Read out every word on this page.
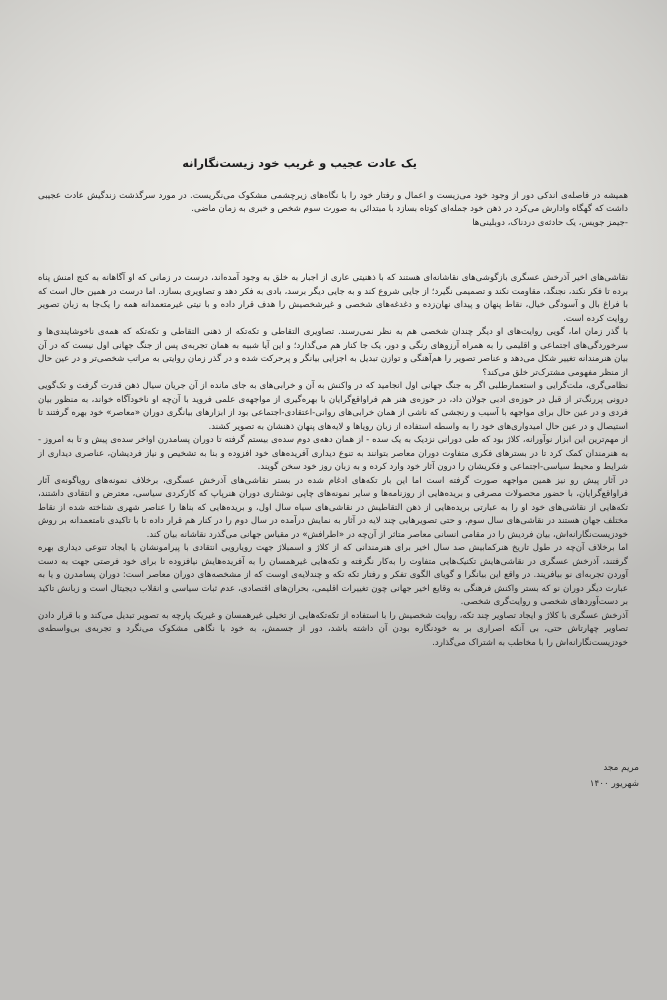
یک عادت عجیب و غریب خود زیست‌نگارانه

همیشه در فاصله‌ی اندکی دور از وجود خود می‌زیست و اعمال و رفتار خود را با نگاه‌های زیرچشمی مشکوک می‌نگریست. در مورد سرگذشت زندگیش عادت عجیبی داشت که گهگاه وادارش می‌کرد در ذهن خود جمله‌ای کوتاه بسازد با مبتدائی به صورت سوم شخص و خبری به زمان ماضی.

-جیمز جویس، یک حادثه‌ی دردناک، دوبلینی‌ها

نقاشی‌های اخیر آذرخش عسگری بازگوشی‌های نقاشانه‌ای هستند که با ذهنیتی عاری از اجبار به خلق به وجود آمده‌اند، درست در زمانی که او آگاهانه به کنج امنش پناه برده تا فکر نکند، نجنگد، مقاومت نکند و تصمیمی نگیرد؛ از جایی شروع کند و به جایی دیگر برسد، بادی به فکر دهد و تصاویری بسازد. اما درست در همین حال است که با فراغ بال و آسودگی خیال، نقاط پنهان و پیدای نهان‌زده و دغدغه‌های شخصی و غیرشخصیش را هدف قرار داده و با نیتی غیرمتعمدانه همه را یک‌جا به زبان تصویر روایت کرده است.

با گذر زمان اما، گویی روایت‌های او دیگر چندان شخصی هم به نظر نمی‌رسند. تصاویری التقاطی و تکه‌تکه از ذهنی التقاطی و تکه‌تکه که همه‌ی ناخوشایندی‌ها و سرخوردگی‌های اجتماعی و اقلیمی را به همراه آرزوهای رنگی و دور، یک جا کنار هم می‌گذارد؛ و این آیا شبیه به همان تجربه‌ی پس از جنگ جهانی اول نیست که در آن بیان هنرمندانه تغییر شکل می‌دهد و عناصر تصویر را هم‌آهنگی و توازن تبدیل به اجزایی بیانگر و پرحرکت شده و در گذر زمان روایتی به مراتب شخصی‌تر و در عین حال از منظر مفهومی مشترک‌تر خلق می‌کند؟

نظامی‌گری، ملت‌گرایی و استعمارطلبی اگر به جنگ جهانی اول انجامید که در واکنش به آن و خرابی‌های به جای مانده از آن جریان سیال ذهن قدرت گرفت و تک‌گویی درونی پررنگ‌تر از قبل در حوزه‌ی ادبی جولان داد، در حوزه‌ی هنر هم فراواقع‌گرایان با بهره‌گیری از مواجهه‌ی علمی فروید با آن‌چه او ناخودآگاه خواند، به منظور بیان فردی و در عین حال برای مواجهه با آسیب و رنجشی که ناشی از همان خرابی‌های روانی-اعتقادی-اجتماعی بود از ابزارهای بیانگری دوران «معاصر» خود بهره گرفتند تا استیصال و در عین حال امیدواری‌های خود را به واسطه استفاده از زبان رویاها و لایه‌های پنهان ذهنشان به تصویر کشند.

از مهم‌ترین این ابزار نوآورانه، کلاژ بود که طی دورانی نزدیک به یک سده - از همان دهه‌ی دوم سده‌ی بیستم گرفته تا دوران پسامدرن اواخر سده‌ی پیش و تا به امروز - به هنرمندان کمک کرد تا در بسترهای فکری متفاوت دوران معاصر بتوانند به تنوع دیداری آفریده‌های خود افزوده و بنا به تشخیص و نیاز فردیشان، عناصری دیداری از شرایط و محیط سیاسی-اجتماعی و فکریشان را درون آثار خود وارد کرده و به زبان روز خود سخن گویند.

در آثار پیش رو نیز همین مواجهه صورت گرفته است اما این بار تکه‌های ادغام شده در بستر نقاشی‌های آذرخش عسگری، برخلاف نمونه‌های رویاگونه‌ی آثار فراواقع‌گرایان، با حضور محصولات مصرفی و بریده‌هایی از روزنامه‌ها و سایر نمونه‌های چاپی نوشتاری دوران هنرپاپ که کارکردی سیاسی، معترض و انتقادی داشتند، تکه‌هایی از نقاشی‌های خود او را به عبارتی بریده‌هایی از ذهن التقاطیش در نقاشی‌های سیاه سال اول، و بریده‌هایی که بناها را عناصر شهری شناخته شده از نقاط مختلف جهان هستند در نقاشی‌های سال سوم، و حتی تصویرهایی چند لایه در آثار به نمایش درآمده در سال دوم را در کنار هم قرار داده تا با تاکیدی نامتعمدانه بر روش خودزیست‌نگارانه‌اش، بیان فردیش را در مقامی انسانی معاصر متاثر از آن‌چه در «اطرافش» در مقیاس جهانی می‌گذرد نقاشانه بیان کند.

اما برخلاف آن‌چه در طول تاریخ هنرکمابیش صد سال اخیر برای هنرمندانی که از کلاژ و اسمبلاژ جهت رویارویی انتقادی با پیرامونشان یا ایجاد تنوعی دیداری بهره گرفتند، آذرخش عسگری در نقاشی‌هایش تکنیک‌هایی متفاوت را به‌کار نگرفته و تکه‌هایی غیرهمسان را به آفریده‌هایش نیافزوده تا برای خود فرصتی جهت به دست آوردن تجربه‌ای نو بیافریند. در واقع این بیانگرا و گویای الگوی تفکر و رفتار تکه تکه و چندلایه‌ی اوست که از مشخصه‌های دوران معاصر است: دوران پسامدرن و یا به عبارت دیگر دوران نو که بستر واکنش فرهنگی به وقایع اخیر جهانی چون تغییرات اقلیمی، بحران‌های اقتصادی، عدم ثبات سیاسی و انقلاب دیجیتال است و زبانش تاکید بر دست‌آوردهای شخصی و روایت‌گری شخصی.

آذرخش عسگری با کلاژ و ایجاد تصاویر چند تکه، روایت شخصیش را با استفاده از تکه‌تکه‌هایی از تخیلی غیرهمسان و غیریک پارچه به تصویر تبدیل می‌کند و با قرار دادن تصاویر چهارتاش حتی، بی آنکه اصراری بر به خودنگاره بودن آن داشته باشد، دور از جسمش، به خود با نگاهی مشکوک می‌نگرد و تجربه‌ی بی‌واسطه‌ی خودزیست‌نگارانه‌اش را با مخاطب به اشتراک می‌گذارد.

مریم مجد
شهریور ۱۴۰۰
